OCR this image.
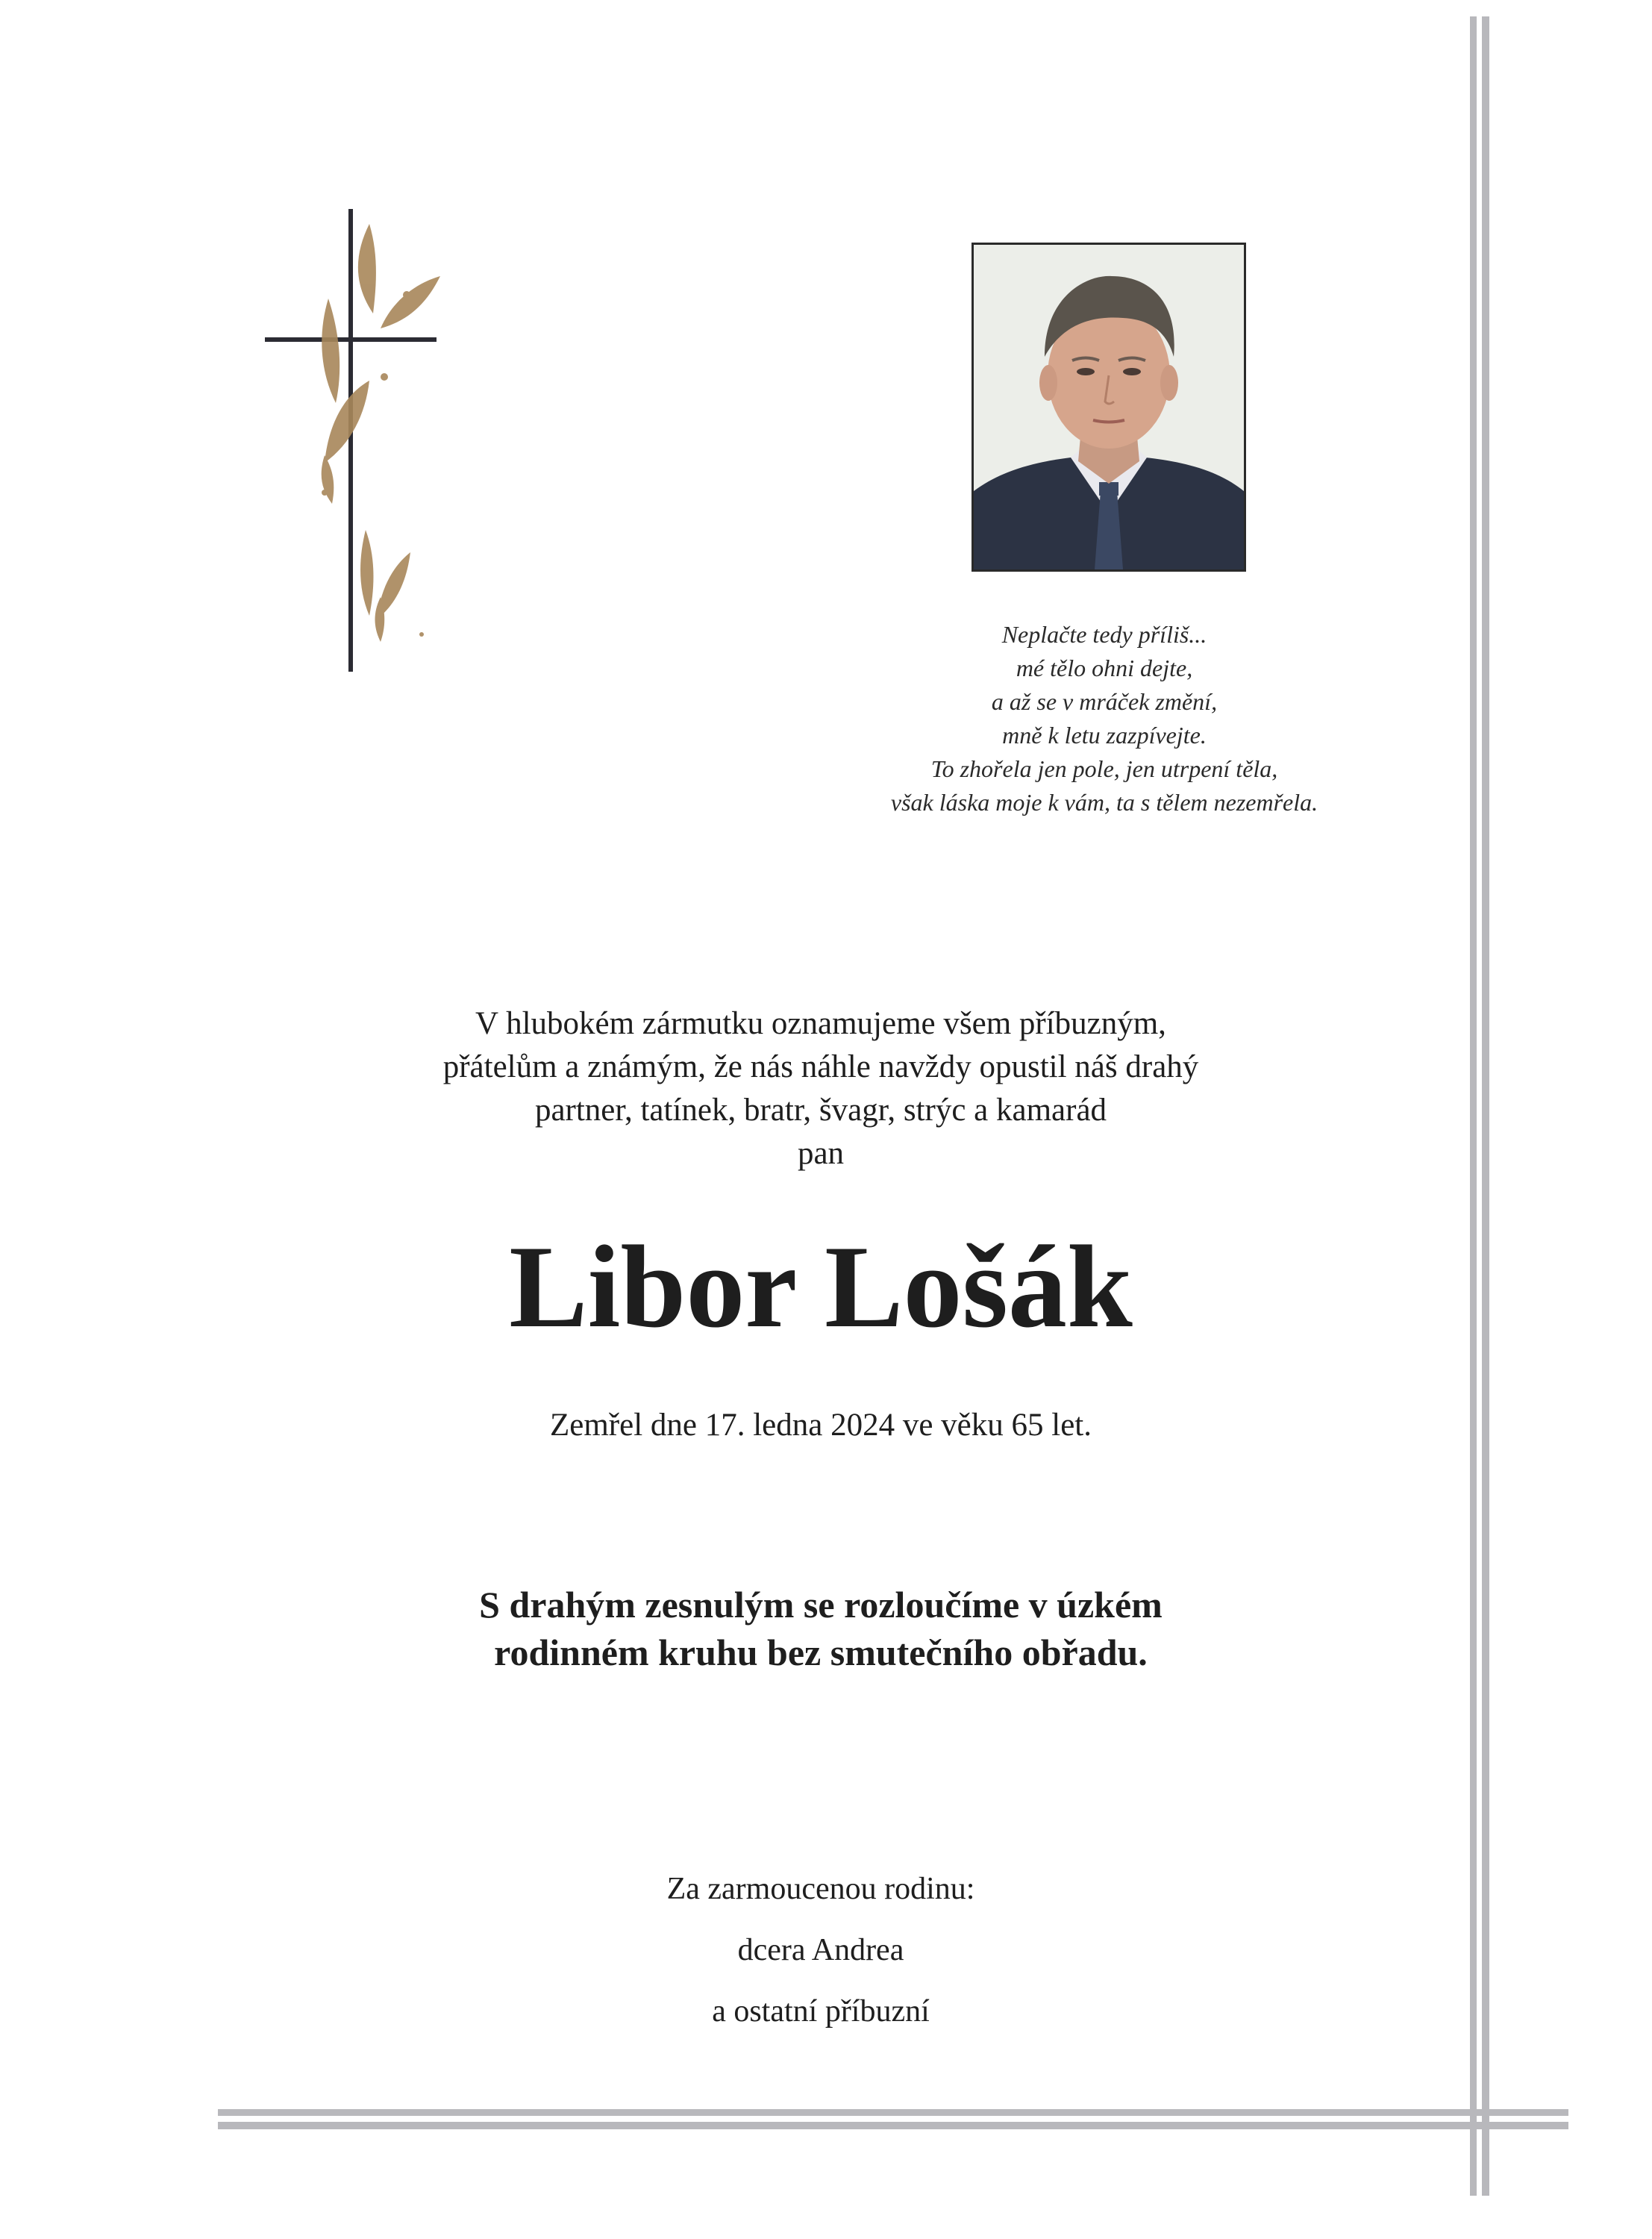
Neplačte tedy příliš...
mé tělo ohni dejte,
a až se v mráček změní,
mně k letu zazpívejte.
To zhořela jen pole, jen utrpení těla,
však láska moje k vám, ta s tělem nezemřela.
V hlubokém zármutku oznamujeme všem příbuzným,
přátelům a známým, že nás náhle navždy opustil náš drahý
partner, tatínek, bratr, švagr, strýc a kamarád
pan
Libor Lošák
Zemřel dne 17. ledna 2024 ve věku 65 let.
S drahým zesnulým se rozloučíme v úzkém
rodinném kruhu bez smutečního obřadu.
Za zarmoucenou rodinu:
dcera Andrea
a ostatní příbuzní
